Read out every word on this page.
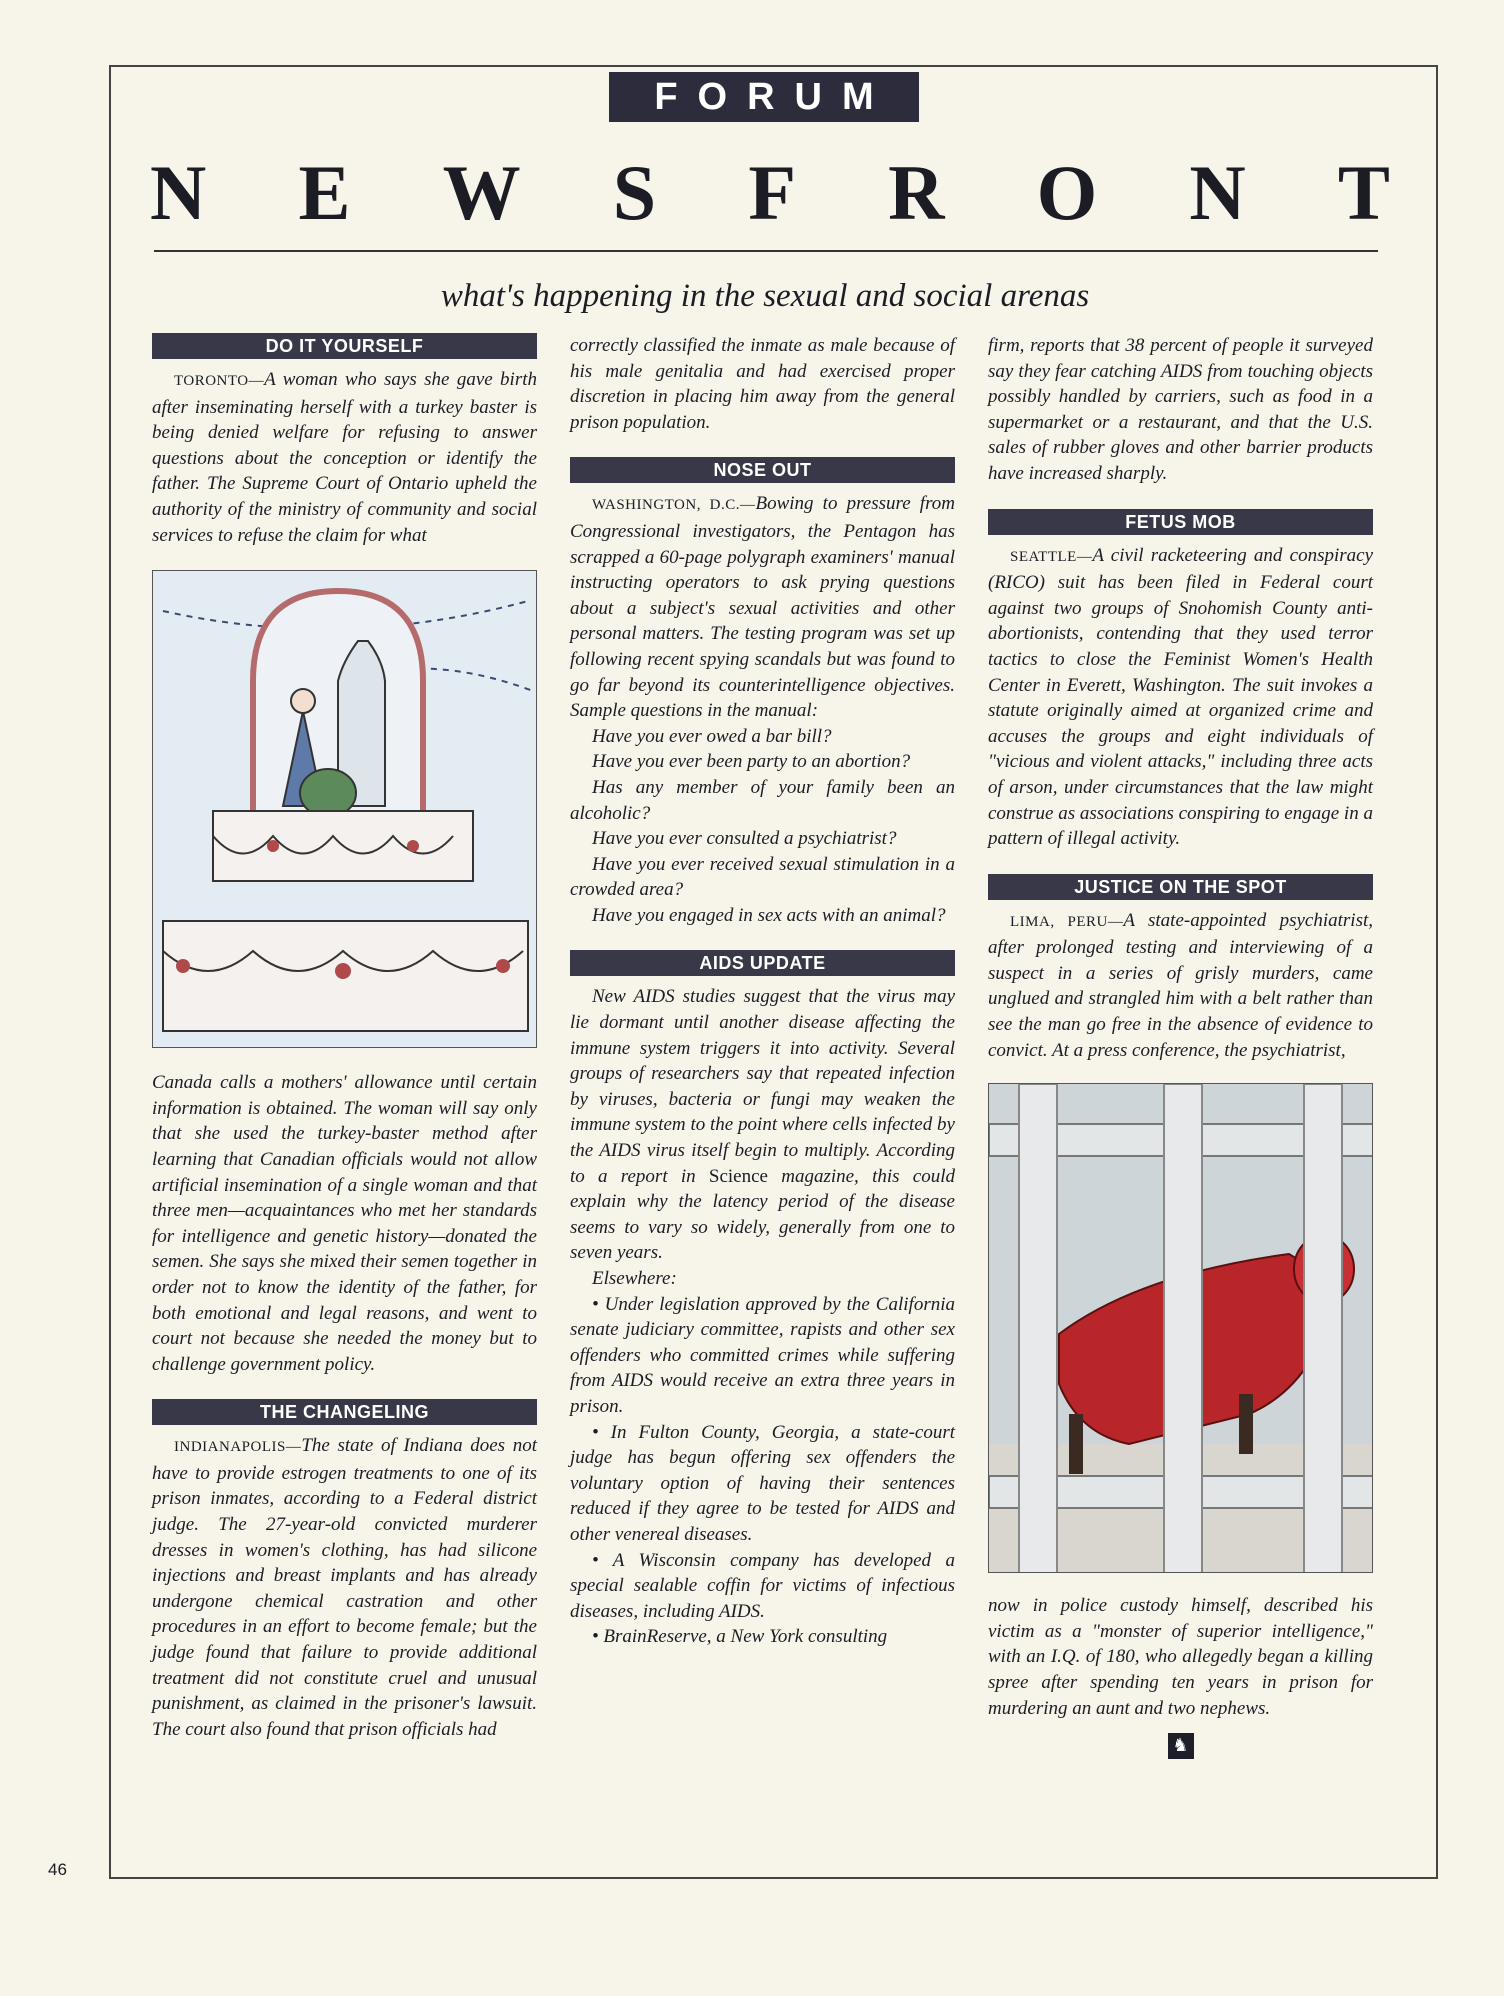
FORUM
N E W S F R O N T
what's happening in the sexual and social arenas
DO IT YOURSELF

TORONTO—A woman who says she gave birth after inseminating herself with a turkey baster is being denied welfare for refusing to answer questions about the conception or identify the father. The Supreme Court of Ontario upheld the authority of the ministry of community and social services to refuse the claim for what

Canada calls a mothers' allowance until certain information is obtained. The woman will say only that she used the turkey-baster method after learning that Canadian officials would not allow artificial insemination of a single woman and that three men—acquaintances who met her standards for intelligence and genetic history—donated the semen. She says she mixed their semen together in order not to know the identity of the father, for both emotional and legal reasons, and went to court not because she needed the money but to challenge government policy.

THE CHANGELING

INDIANAPOLIS—The state of Indiana does not have to provide estrogen treatments to one of its prison inmates, according to a Federal district judge. The 27-year-old convicted murderer dresses in women's clothing, has had silicone injections and breast implants and has already undergone chemical castration and other procedures in an effort to become female; but the judge found that failure to provide additional treatment did not constitute cruel and unusual punishment, as claimed in the prisoner's lawsuit. The court also found that prison officials had

correctly classified the inmate as male because of his male genitalia and had exercised proper discretion in placing him away from the general prison population.

NOSE OUT

WASHINGTON, D.C.—Bowing to pressure from Congressional investigators, the Pentagon has scrapped a 60-page polygraph examiners' manual instructing operators to ask prying questions about a subject's sexual activities and other personal matters. The testing program was set up following recent spying scandals but was found to go far beyond its counterintelligence objectives. Sample questions in the manual:

Have you ever owed a bar bill?

Have you ever been party to an abortion?

Has any member of your family been an alcoholic?

Have you ever consulted a psychiatrist?

Have you ever received sexual stimulation in a crowded area?

Have you engaged in sex acts with an animal?

AIDS UPDATE

New AIDS studies suggest that the virus may lie dormant until another disease affecting the immune system triggers it into activity. Several groups of researchers say that repeated infection by viruses, bacteria or fungi may weaken the immune system to the point where cells infected by the AIDS virus itself begin to multiply. According to a report in Science magazine, this could explain why the latency period of the disease seems to vary so widely, generally from one to seven years.

Elsewhere:

• Under legislation approved by the California senate judiciary committee, rapists and other sex offenders who committed crimes while suffering from AIDS would receive an extra three years in prison.

• In Fulton County, Georgia, a state-court judge has begun offering sex offenders the voluntary option of having their sentences reduced if they agree to be tested for AIDS and other venereal diseases.

• A Wisconsin company has developed a special sealable coffin for victims of infectious diseases, including AIDS.

• BrainReserve, a New York consulting

firm, reports that 38 percent of people it surveyed say they fear catching AIDS from touching objects possibly handled by carriers, such as food in a supermarket or a restaurant, and that the U.S. sales of rubber gloves and other barrier products have increased sharply.

FETUS MOB

SEATTLE—A civil racketeering and conspiracy (RICO) suit has been filed in Federal court against two groups of Snohomish County anti-abortionists, contending that they used terror tactics to close the Feminist Women's Health Center in Everett, Washington. The suit invokes a statute originally aimed at organized crime and accuses the groups and eight individuals of "vicious and violent attacks," including three acts of arson, under circumstances that the law might construe as associations conspiring to engage in a pattern of illegal activity.

JUSTICE ON THE SPOT

LIMA, PERU—A state-appointed psychiatrist, after prolonged testing and interviewing of a suspect in a series of grisly murders, came unglued and strangled him with a belt rather than see the man go free in the absence of evidence to convict. At a press conference, the psychiatrist,

now in police custody himself, described his victim as a "monster of superior intelligence," with an I.Q. of 180, who allegedly began a killing spree after spending ten years in prison for murdering an aunt and two nephews.

♞
46
